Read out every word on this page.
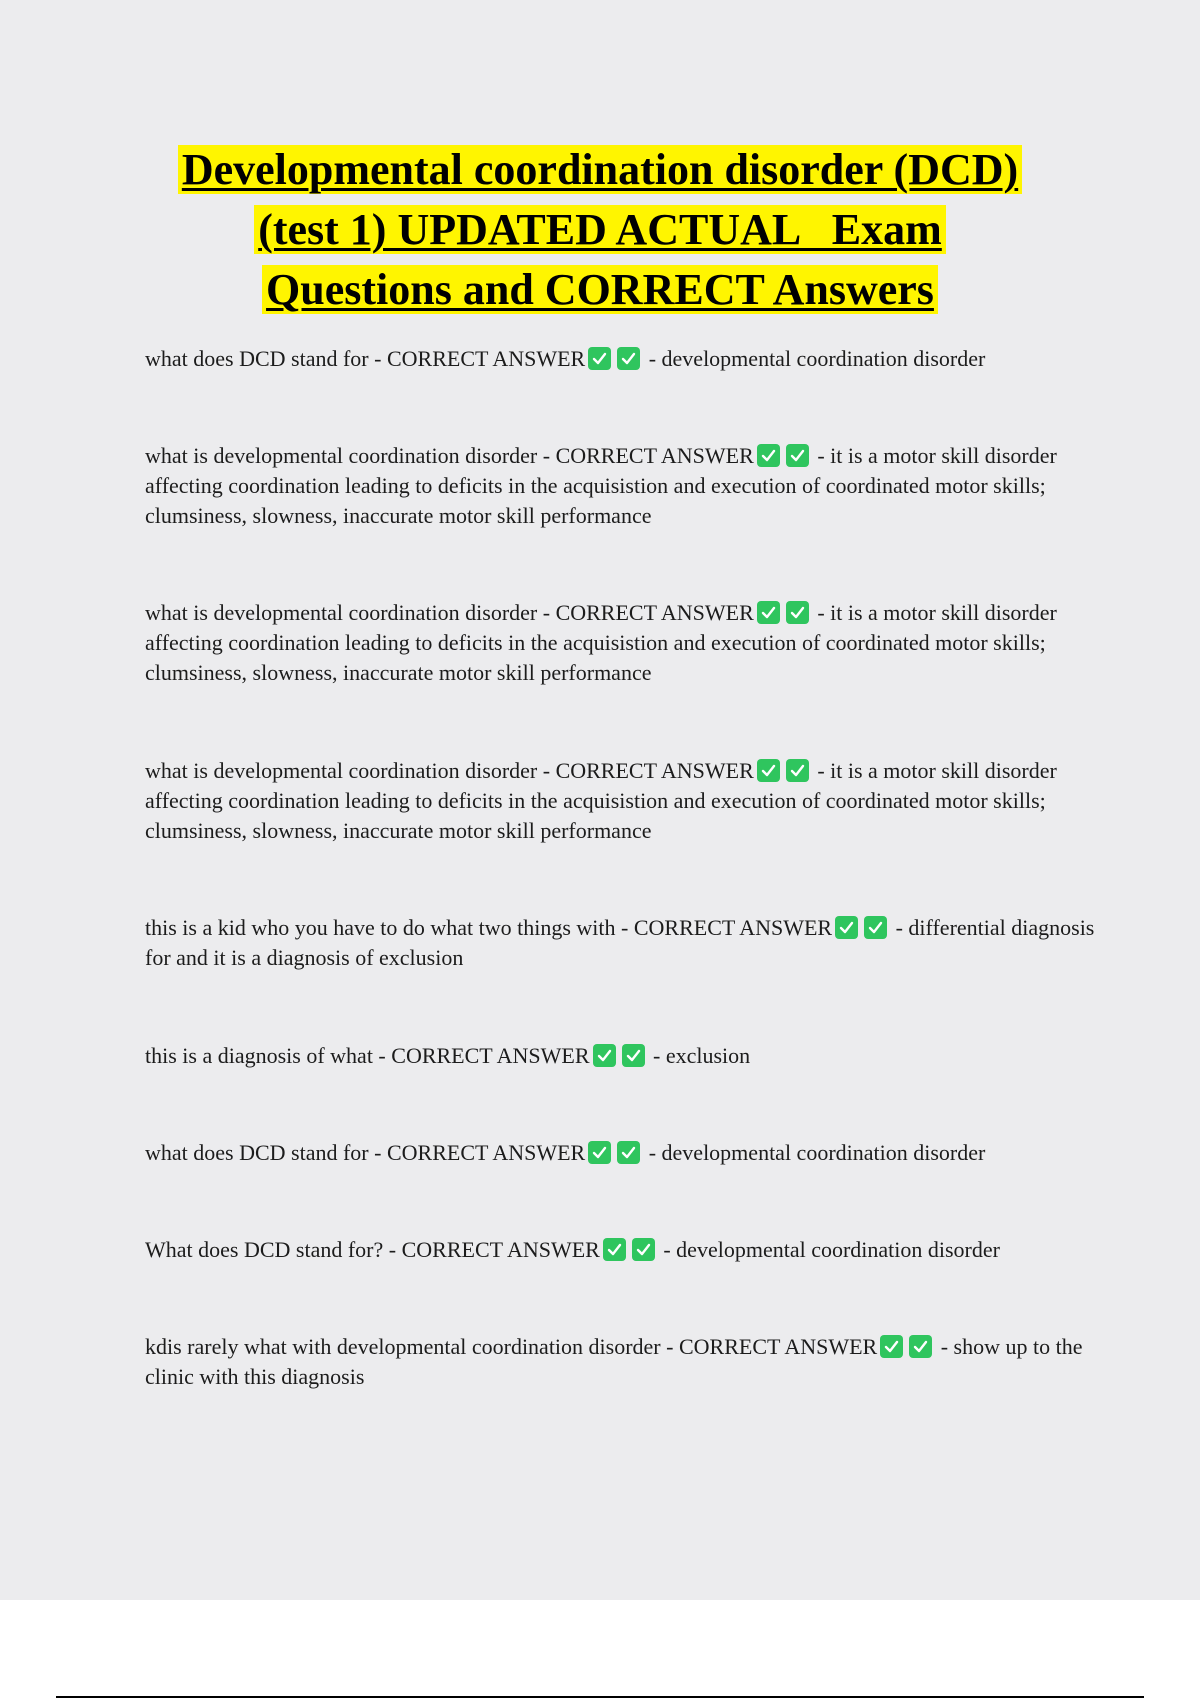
Developmental coordination disorder (DCD)
(test 1) UPDATED ACTUAL   Exam
Questions and CORRECT Answers
what does DCD stand for - CORRECT ANSWER	- developmental coordination disorder
what is developmental coordination disorder - CORRECT ANSWER	- it is a motor skill disorder affecting coordination leading to deficits in the acquisistion and execution of coordinated motor skills; clumsiness, slowness, inaccurate motor skill performance
what is developmental coordination disorder - CORRECT ANSWER	- it is a motor skill disorder affecting coordination leading to deficits in the acquisistion and execution of coordinated motor skills; clumsiness, slowness, inaccurate motor skill performance
what is developmental coordination disorder - CORRECT ANSWER	- it is a motor skill disorder affecting coordination leading to deficits in the acquisistion and execution of coordinated motor skills; clumsiness, slowness, inaccurate motor skill performance
this is a kid who you have to do what two things with - CORRECT ANSWER	- differential diagnosis for and it is a diagnosis of exclusion
this is a diagnosis of what - CORRECT ANSWER	- exclusion
what does DCD stand for - CORRECT ANSWER	- developmental coordination disorder
What does DCD stand for? - CORRECT ANSWER	- developmental coordination disorder
kdis rarely what with developmental coordination disorder - CORRECT ANSWER	- show up to the clinic with this diagnosis
